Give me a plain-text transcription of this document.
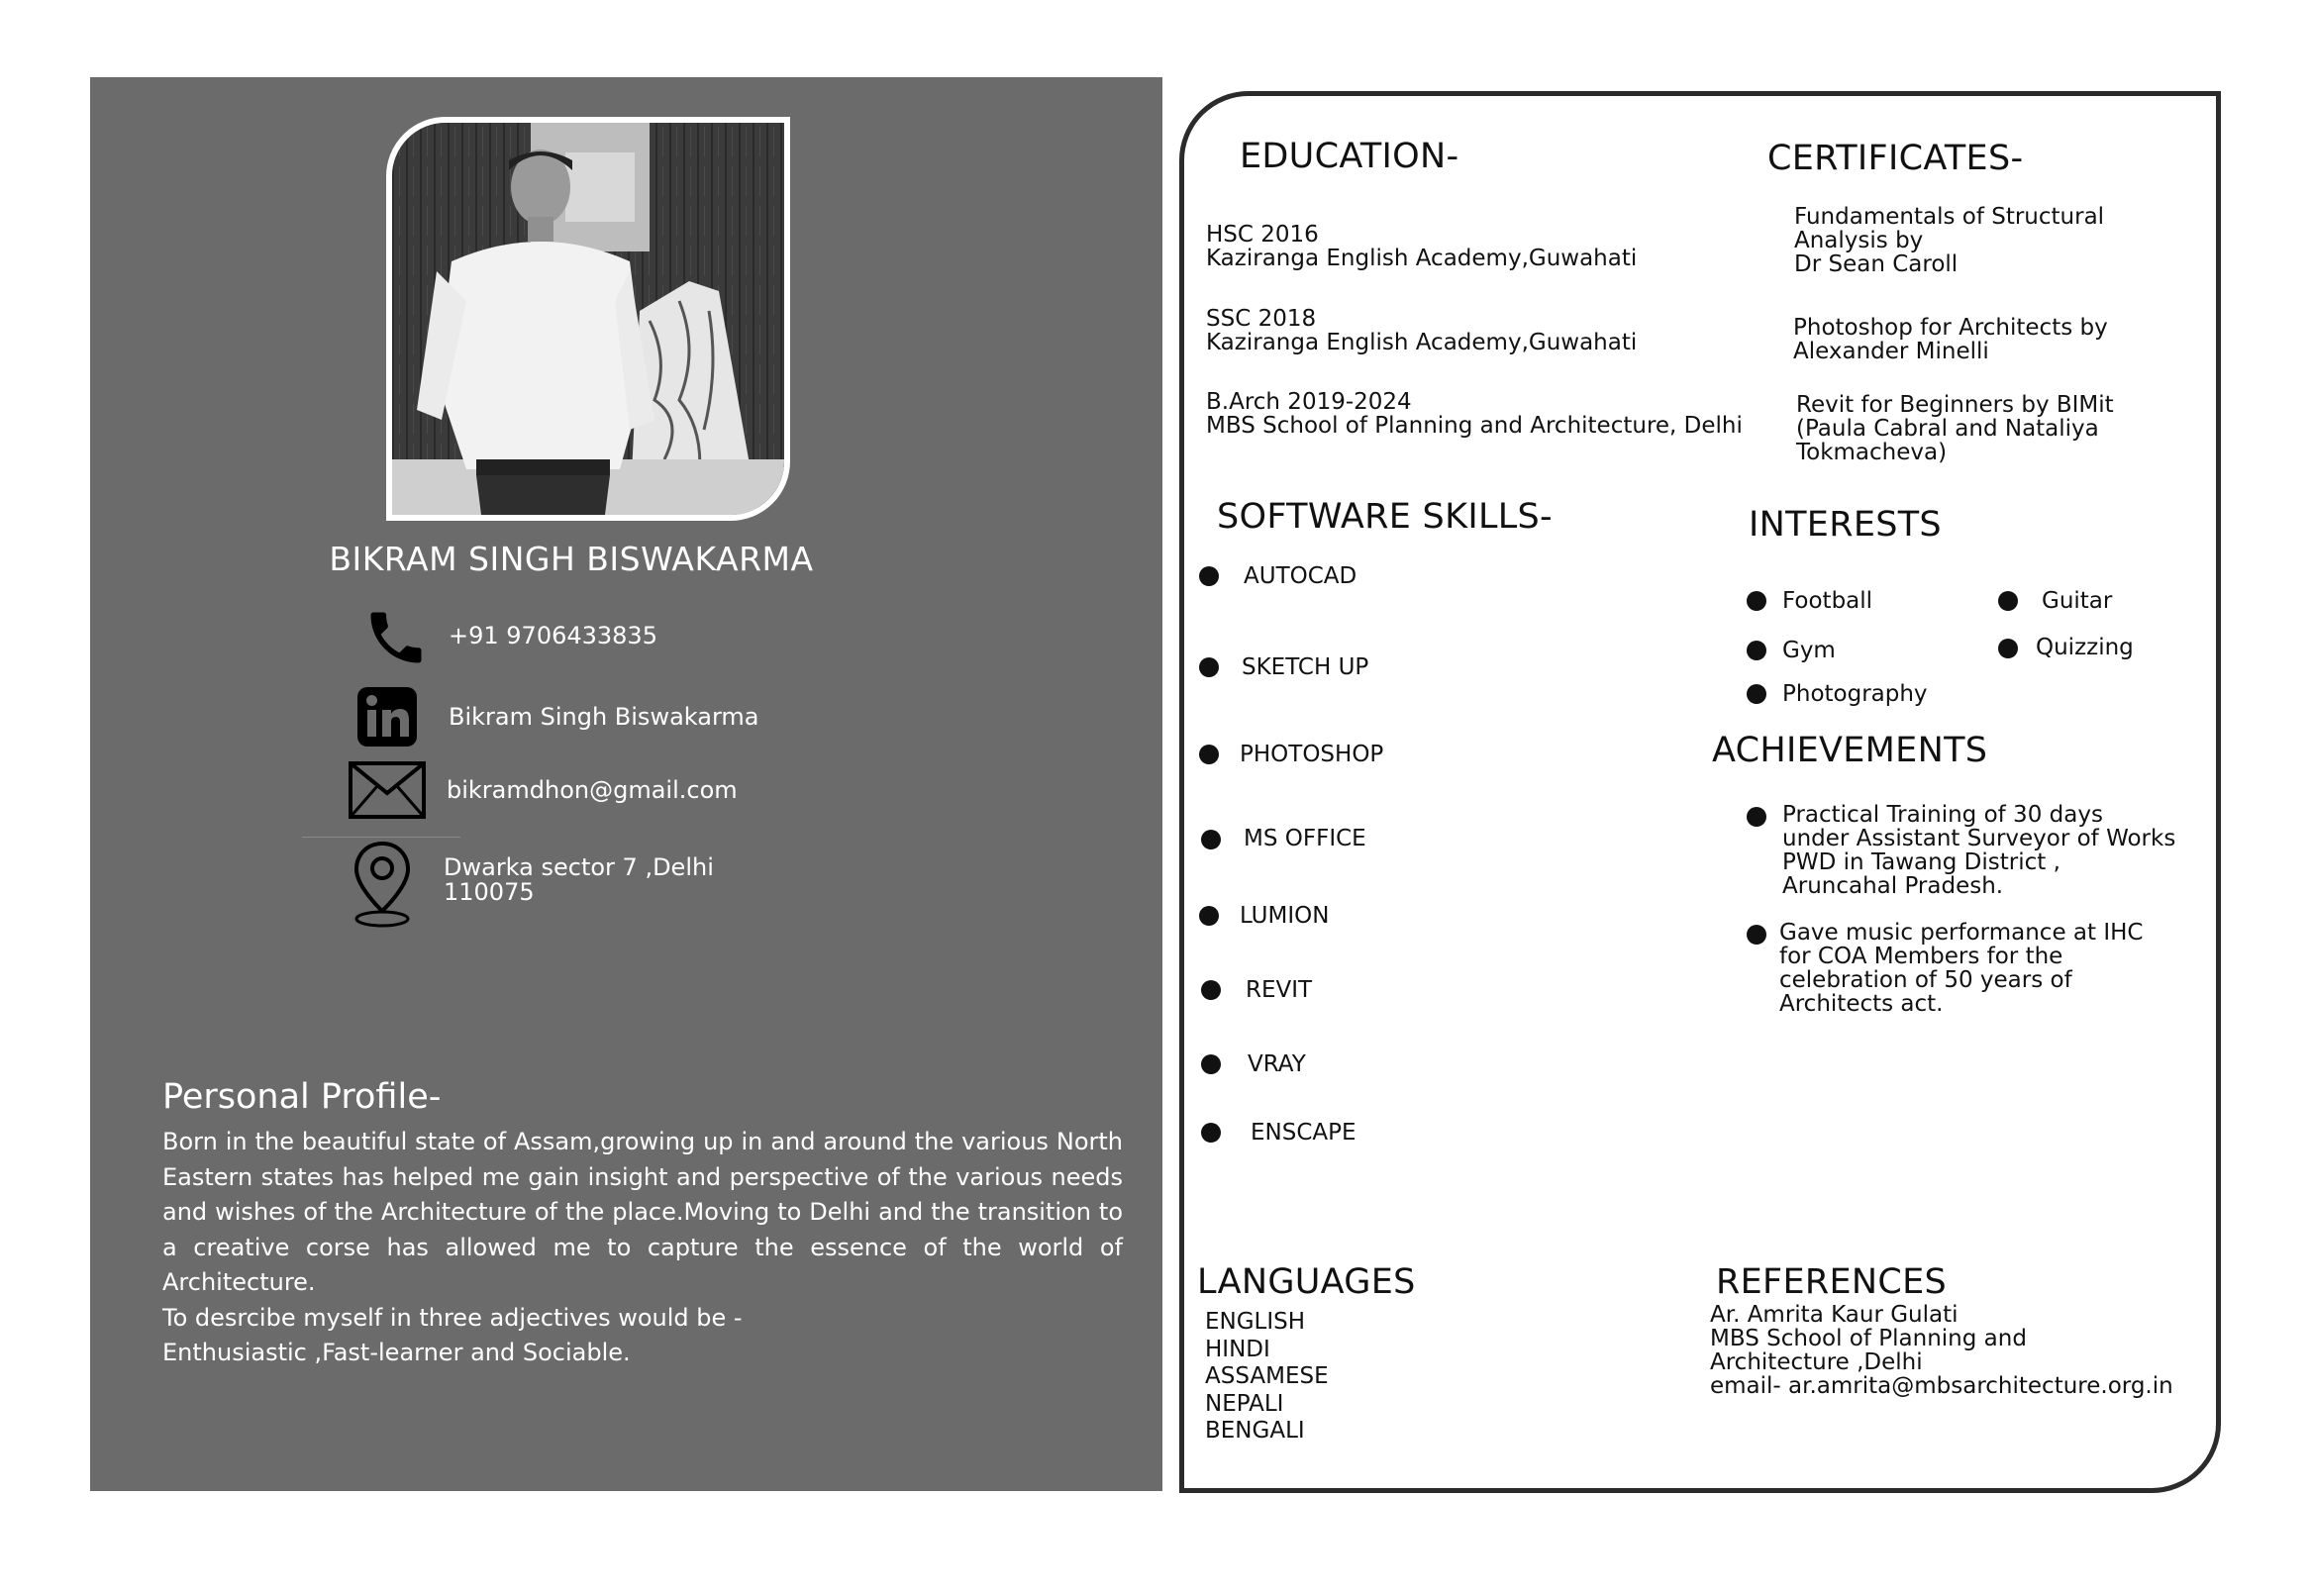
BIKRAM SINGH BISWAKARMA
+91 9706433835
Bikram Singh Biswakarma
bikramdhon@gmail.com
Dwarka sector 7 ,Delhi
110075
Personal Profile-

Born in the beautiful state of Assam,growing up in and around the various North Eastern states has helped me gain insight and perspective of the various needs and wishes of the Architecture of the place.Moving to Delhi and the transition to a creative corse has allowed me to capture the essence of the world of Architecture.

To desrcibe myself in three adjectives would be -

Enthusiastic ,Fast-learner and Sociable.

EDUCATION-
HSC 2016
Kaziranga English Academy,Guwahati
SSC 2018
Kaziranga English Academy,Guwahati
B.Arch 2019-2024
MBS School of Planning and Architecture, Delhi
CERTIFICATES-
Fundamentals of Structural
Analysis by
Dr Sean Caroll
Photoshop for Architects by
Alexander Minelli
Revit for Beginners by BIMit
(Paula Cabral and Nataliya
Tokmacheva)
SOFTWARE SKILLS-
AUTOCAD
SKETCH UP
PHOTOSHOP
MS OFFICE
LUMION
REVIT
VRAY
ENSCAPE
INTERESTS
Football
Gym
Photography
Guitar
Quizzing
ACHIEVEMENTS
Practical Training of 30 days
under Assistant Surveyor of Works
PWD in Tawang District ,
Aruncahal Pradesh.
Gave music performance at IHC
for COA Members for the
celebration of 50 years of
Architects act.
LANGUAGES
ENGLISH
HINDI
ASSAMESE
NEPALI
BENGALI
REFERENCES
Ar. Amrita Kaur Gulati
MBS School of Planning and
Architecture ,Delhi
email- ar.amrita@mbsarchitecture.org.in
